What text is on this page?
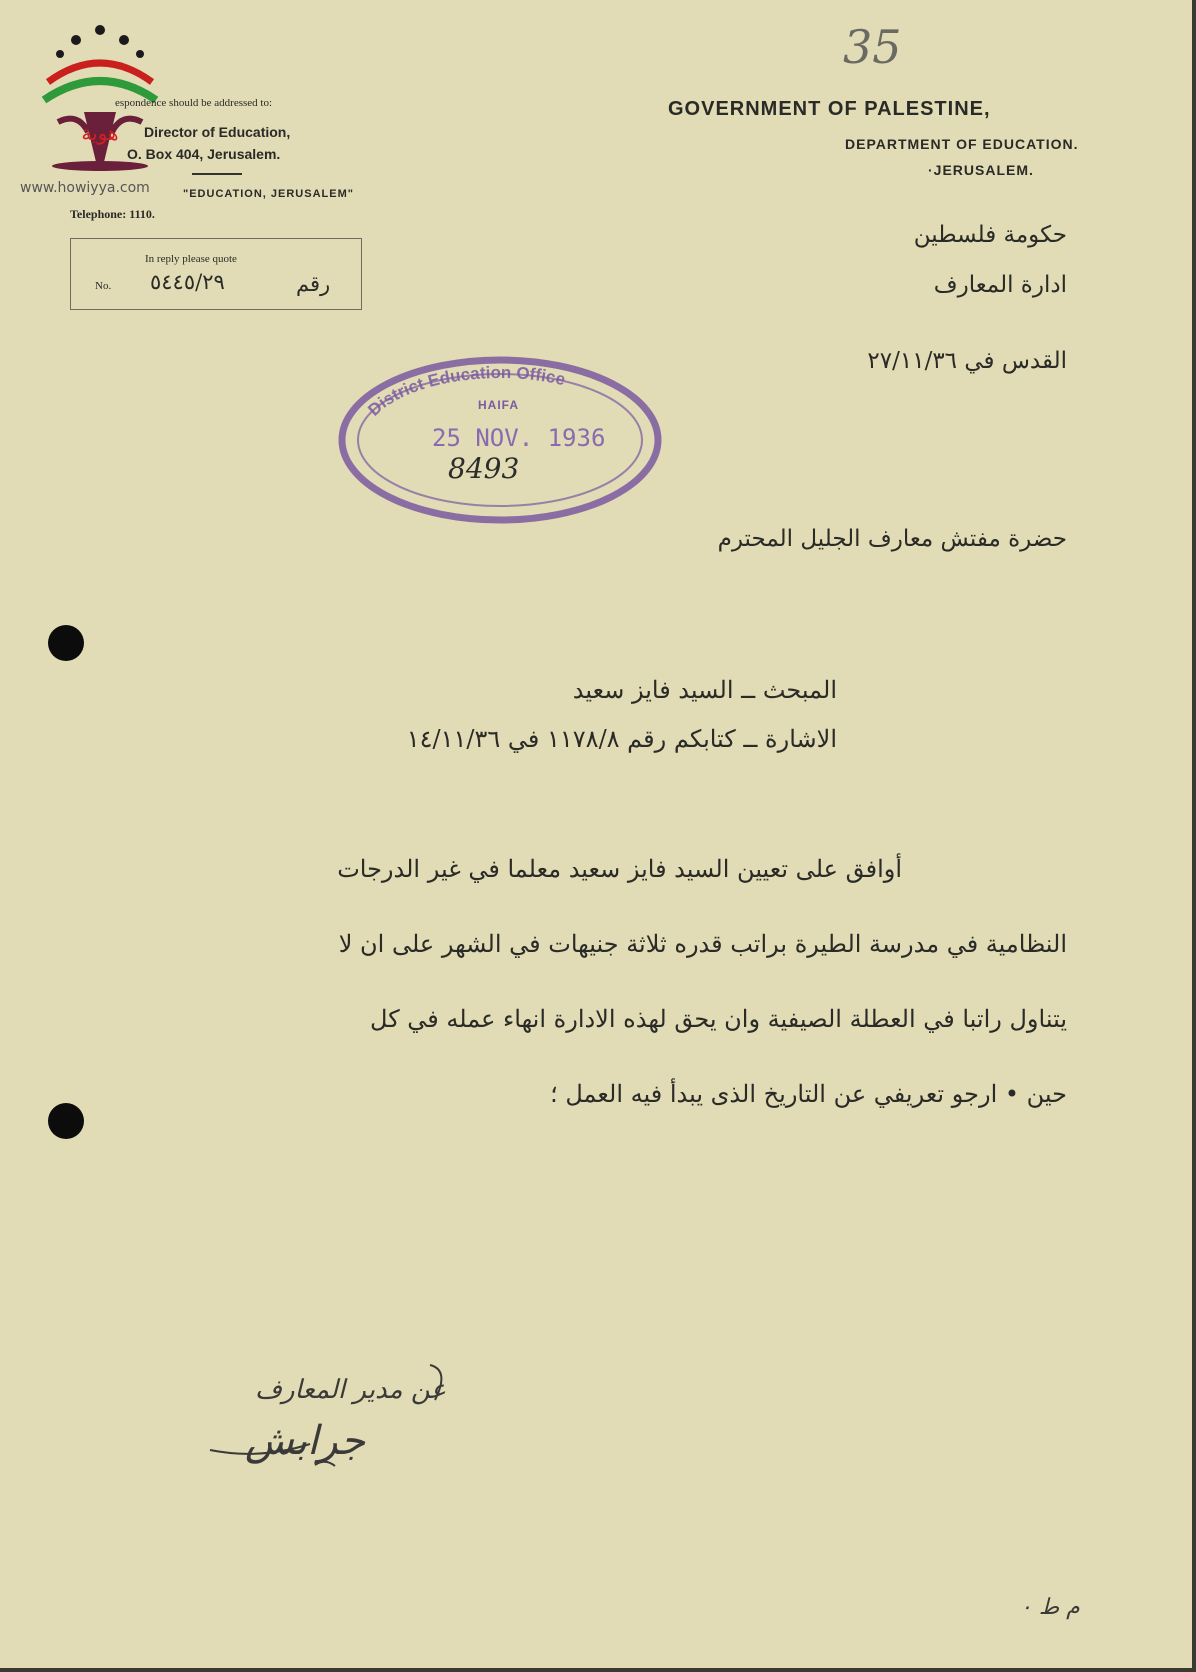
35
هوية
www.howiyya.com
espondence should be addressed to:
Director of Education,
O. Box 404, Jerusalem.
"EDUCATION, JERUSALEM"
Telephone: 1110.
In reply please quote
No. ٥٤٤٥/٢٩	رقم
GOVERNMENT OF PALESTINE,
DEPARTMENT OF EDUCATION.
·JERUSALEM.
حكومة فلسطين
ادارة المعارف
القدس في ٢٧/١١/٣٦
District Education Office
HAIFA
25 NOV. 1936
8493
حضرة مفتش معارف الجليل المحترم
المبحث ــ السيد فايز سعيد
الاشارة ــ كتابكم رقم ١١٧٨/٨ في ١٤/١١/٣٦
أوافق على تعيين السيد فايز سعيد معلما في غير الدرجات
النظامية في مدرسة الطيرة براتب قدره ثلاثة جنيهات في الشهر على ان لا
يتناول راتبا في العطلة الصيفية وان يحق لهذه الادارة انهاء عمله في كل
حين • ارجو تعريفي عن التاريخ الذى يبدأ فيه العمل ؛
عن مدير المعارف
جرابش
م ط ٠
